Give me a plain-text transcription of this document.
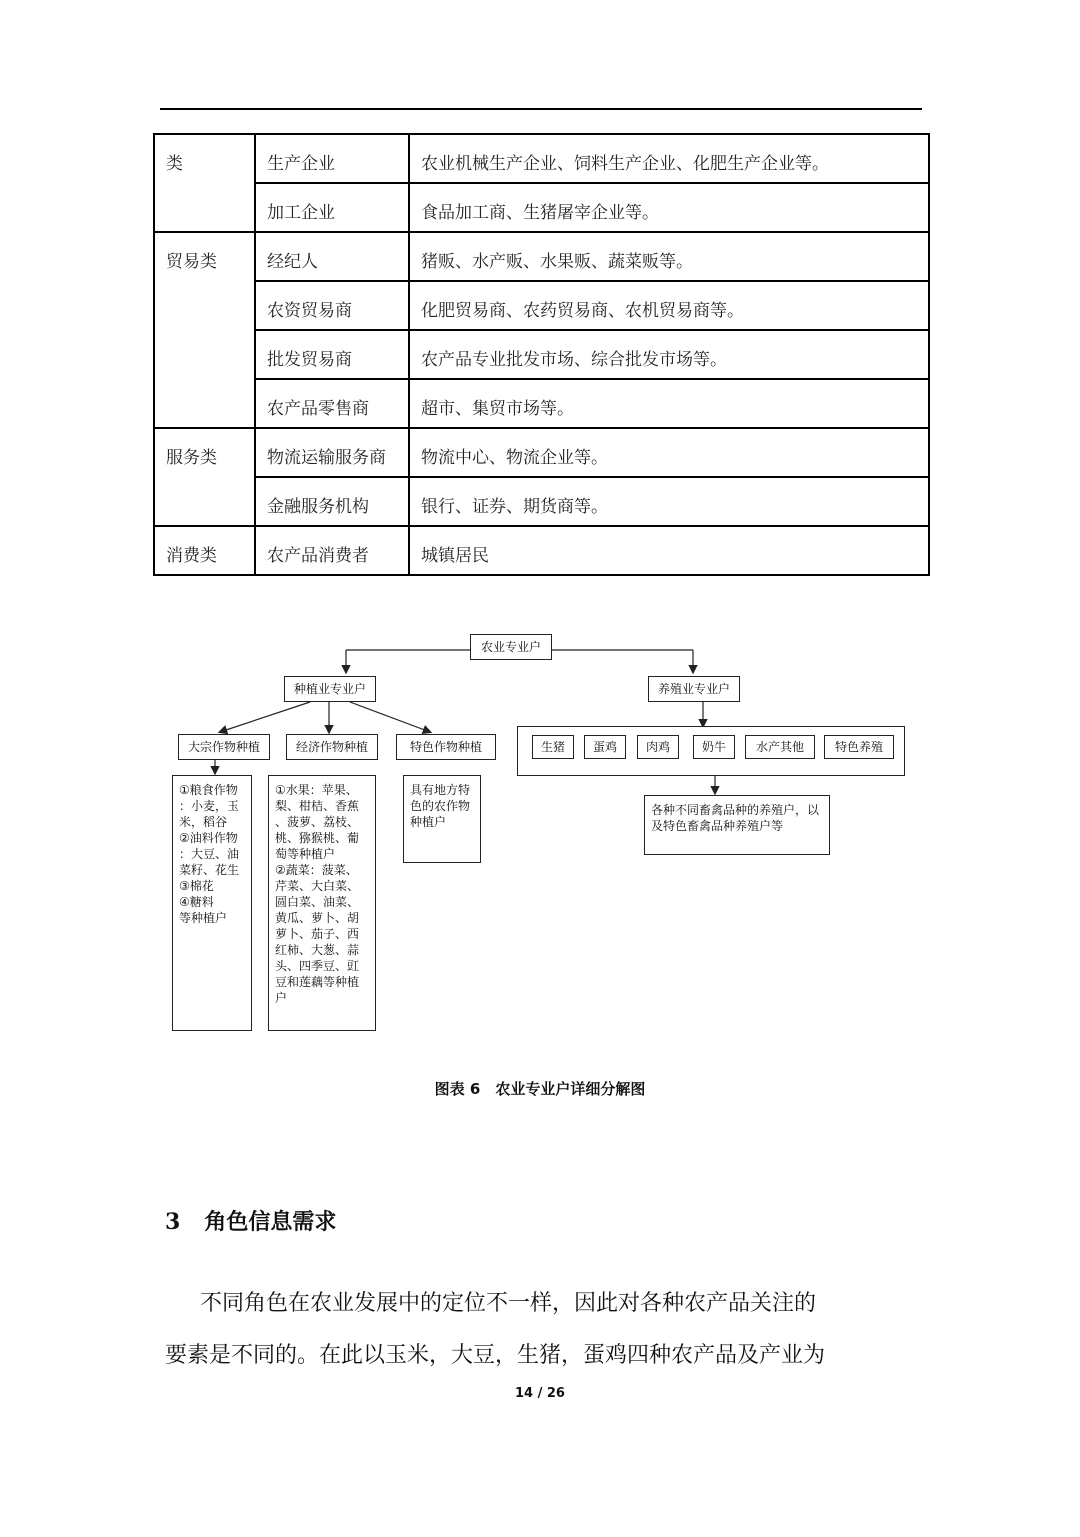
类	生产企业	农业机械生产企业、饲料生产企业、化肥生产企业等。
	加工企业	食品加工商、生猪屠宰企业等。
贸易类	经纪人	猪贩、水产贩、水果贩、蔬菜贩等。
	农资贸易商	化肥贸易商、农药贸易商、农机贸易商等。
	批发贸易商	农产品专业批发市场、综合批发市场等。
	农产品零售商	超市、集贸市场等。
服务类	物流运输服务商	物流中心、物流企业等。
	金融服务机构	银行、证券、期货商等。
消费类	农产品消费者	城镇居民
农业专业户
种植业专业户	养殖业专业户
大宗作物种植	经济作物种植	特色作物种植

①粮食作物

：小麦，玉

米，稻谷

②油料作物

：大豆、油

菜籽、花生

③棉花

④糖料

等种植户

①水果：苹果、

梨、柑桔、香蕉

、菠萝、荔枝、

桃、猕猴桃、葡

萄等种植户

②蔬菜：菠菜、

芹菜、大白菜、

圆白菜、油菜、

黄瓜、萝卜、胡

萝卜、茄子、西

红柿、大葱、蒜

头、四季豆、豇

豆和莲藕等种植

户

具有地方特

色的农作物

种植户

生猪	蛋鸡	肉鸡	奶牛	水产其他	特色养殖

各种不同畜禽品种的养殖户，以

及特色畜禽品种养殖户等

图表 6　农业专业户详细分解图
3 角色信息需求
不同角色在农业发展中的定位不一样，因此对各种农产品关注的
要素是不同的。在此以玉米，大豆，生猪，蛋鸡四种农产品及产业为
14 / 26
